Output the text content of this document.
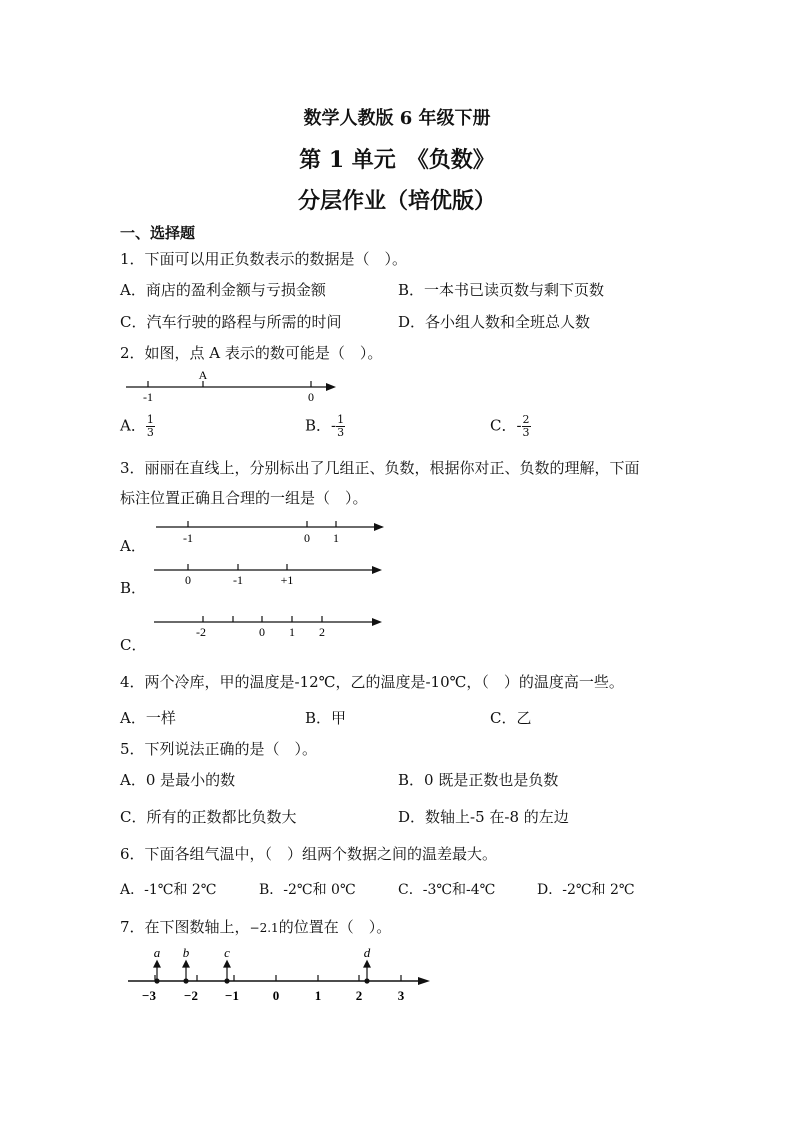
数学人教版 6 年级下册
第 1 单元　《负数》
分层作业（培优版）
一、选择题
1．下面可以用正负数表示的数据是（　）。
A．商店的盈利金额与亏损金额	B．一本书已读页数与剩下页数
C．汽车行驶的路程与所需的时间	D．各小组人数和全班总人数
2．如图，点 A 表示的数可能是（　）。
A
-1	0
A． $\frac{1}{3}$	B．- $\frac{1}{3}$	C．- $\frac{2}{3}$
3．丽丽在直线上，分别标出了几组正、负数，根据你对正、负数的理解，下面
标注位置正确且合理的一组是（　）。
A．	-1	0 1
B．	0	-1	+1
C．
-2	0 1 2
4．两个冷库，甲的温度是-12℃，乙的温度是-10℃，（　）的温度高一些。
A．一样	B．甲	C．乙
5．下列说法正确的是（　）。
A．0 是最小的数	B．0 既是正数也是负数
C．所有的正数都比负数大	D．数轴上-5 在-8 的左边
6．下面各组气温中，（　）组两个数据之间的温差最大。
A．-1℃和 2℃	B．-2℃和 0℃	C．-3℃和-4℃	D．-2℃和 2℃
7．在下图数轴上，−2.1的位置在（　）。
a b	c	d
−3 −2 −1	0	1	2	3
